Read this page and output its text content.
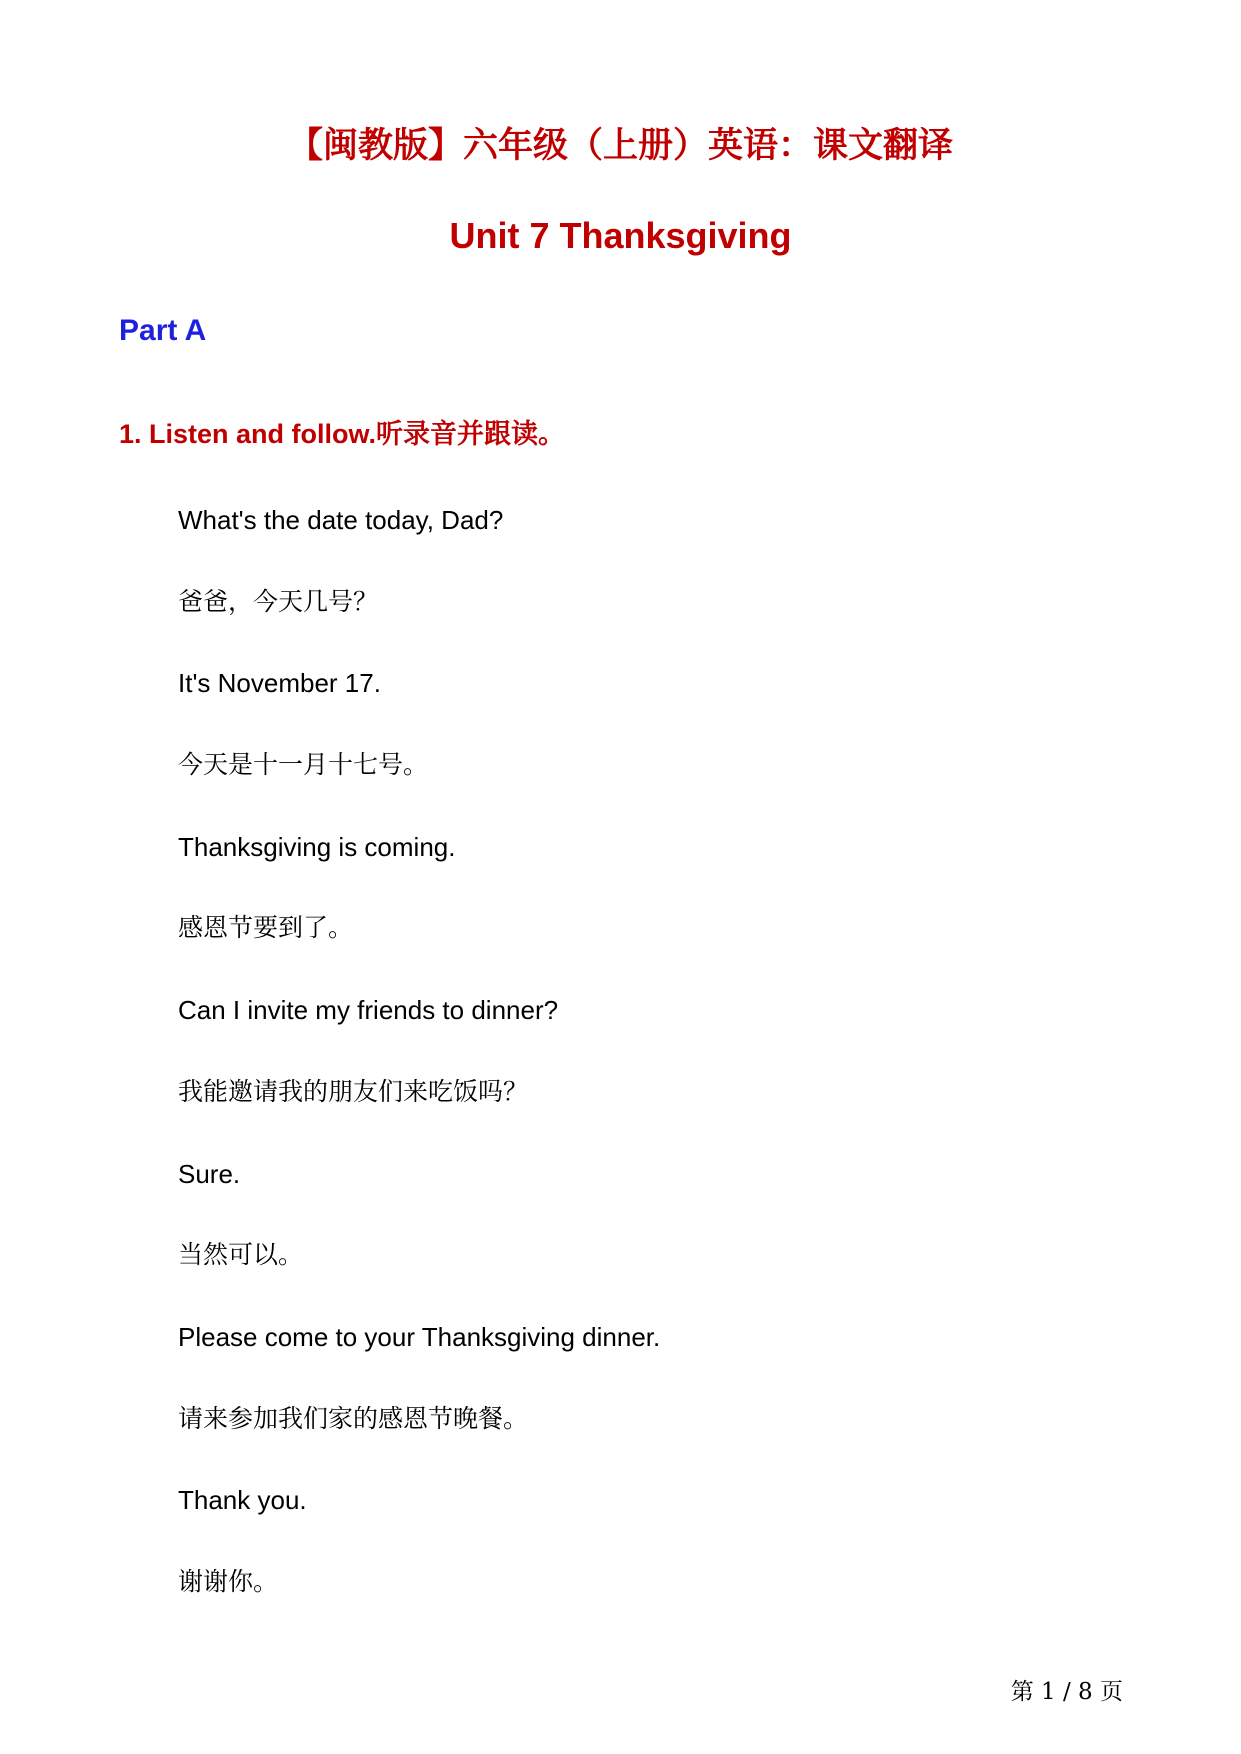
【闽教版】六年级（上册）英语：课文翻译
Unit 7 Thanksgiving
Part A
1. Listen and follow.听录音并跟读。
What's the date today, Dad?
爸爸，今天几号？
It's November 17.
今天是十一月十七号。
Thanksgiving is coming.
感恩节要到了。
Can I invite my friends to dinner?
我能邀请我的朋友们来吃饭吗？
Sure.
当然可以。
Please come to your Thanksgiving dinner.
请来参加我们家的感恩节晚餐。
Thank you.
谢谢你。
第 1 / 8 页
